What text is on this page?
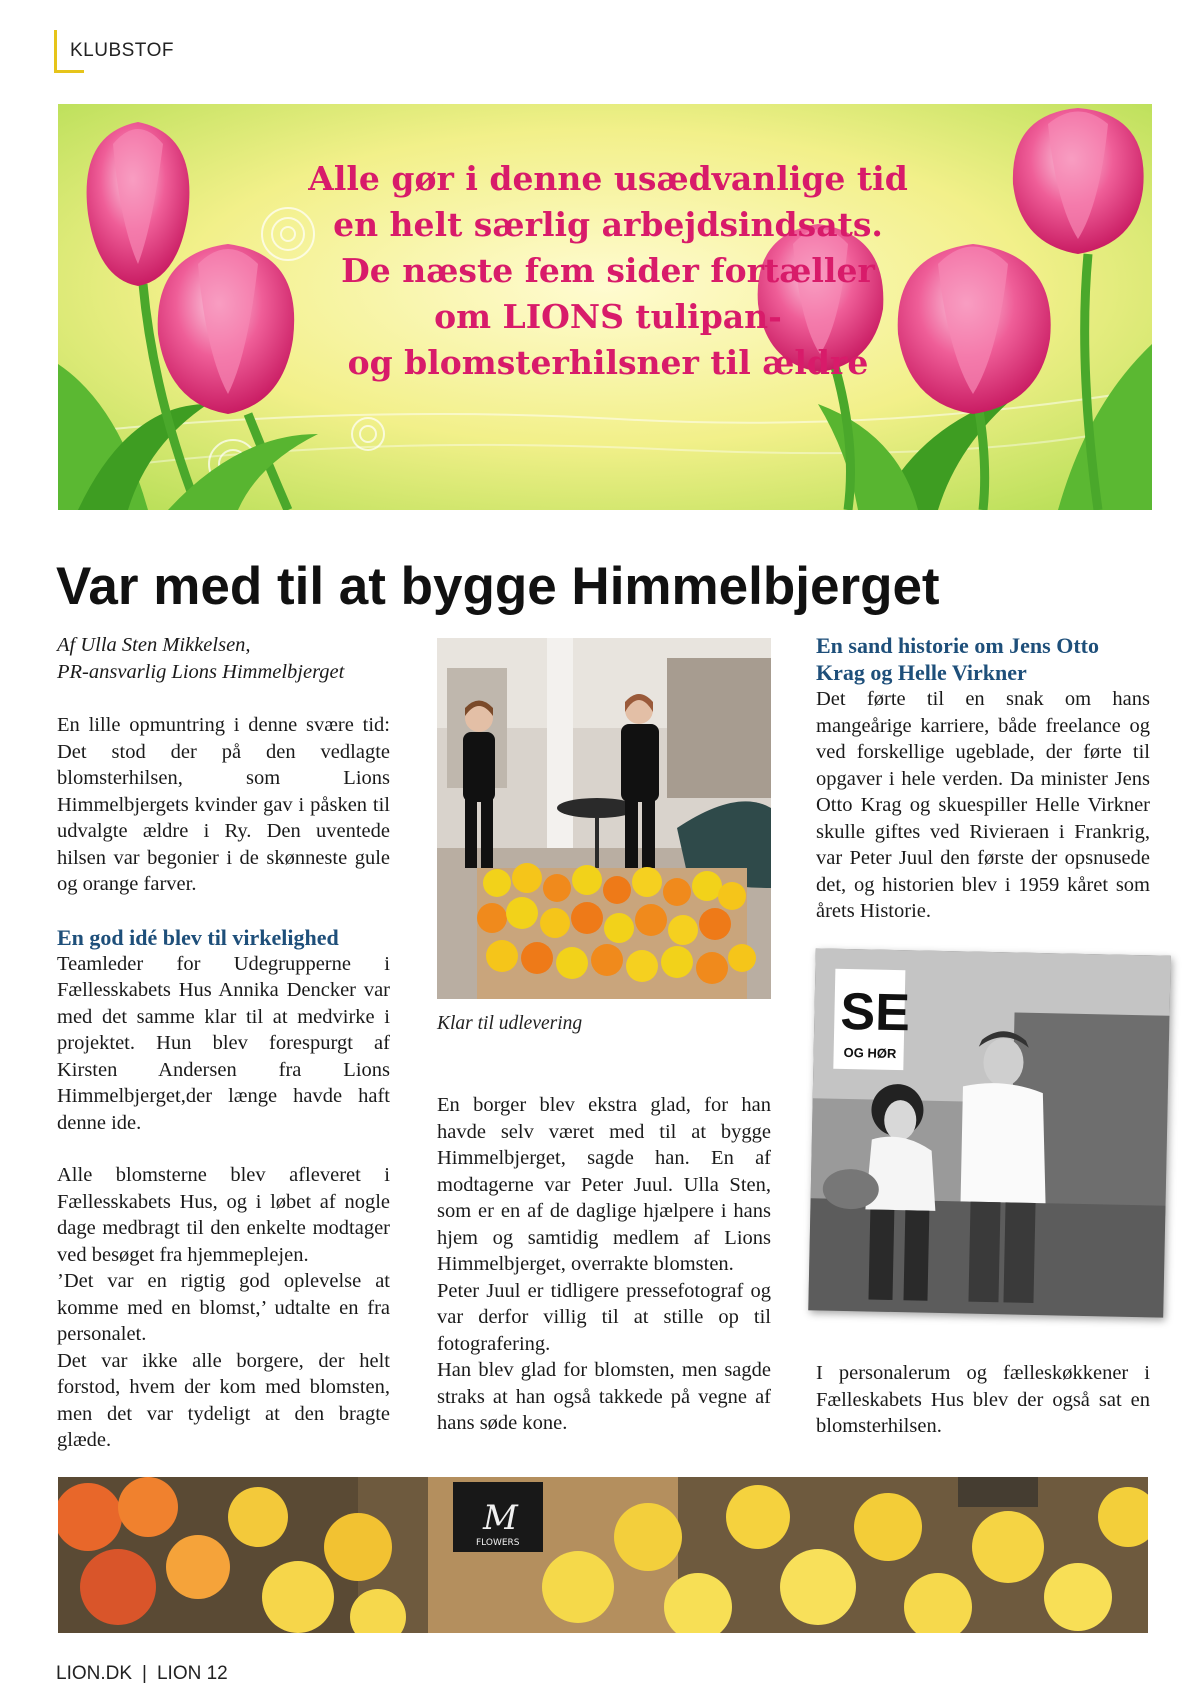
KLUBSTOF
Alle gør i denne usædvanlige tid
en helt særlig arbejdsindsats.
De næste fem sider fortæller
om LIONS tulipan-
og blomsterhilsner til ældre
Var med til at bygge Himmelbjerget

Af Ulla Sten Mikkelsen,
PR-ansvarlig Lions Himmelbjerget

En lille opmuntring i denne svære tid: Det stod der på den vedlagte blomsterhilsen, som Lions Himmelbjergets kvinder gav i påsken til udvalgte ældre i Ry. Den uventede hilsen var begonier i de skønneste gule og orange farver.

En god idé blev til virkelighed

Teamleder for Udegrupperne i Fællesskabets Hus Annika Dencker var med det samme klar til at medvirke i projektet. Hun blev forespurgt af Kirsten Andersen fra Lions Himmelbjerget,der længe havde haft denne ide.

Alle blomsterne blev afleveret i Fællesskabets Hus, og i løbet af nogle dage medbragt til den enkelte modtager ved besøget fra hjemmeplejen.

’Det var en rigtig god oplevelse at komme med en blomst,’ udtalte en fra personalet.

Det var ikke alle borgere, der helt forstod, hvem der kom med blomsten, men det var tydeligt at den bragte glæde.

Klar til udlevering

En borger blev ekstra glad, for han havde selv været med til at bygge Himmelbjerget, sagde han. En af modtagerne var Peter Juul. Ulla Sten, som er en af de daglige hjælpere i hans hjem og samtidig medlem af Lions Himmelbjerget, overrakte blomsten.

Peter Juul er tidligere pressefotograf og var derfor villig til at stille op til fotografering.

Han blev glad for blomsten, men sagde straks at han også takkede på vegne af hans søde kone.

En sand historie om Jens Otto Krag og Helle Virkner

Det førte til en snak om hans mangeårige karriere, både freelance og ved forskellige ugeblade, der førte til opgaver i hele verden. Da minister Jens Otto Krag og skuespiller Helle Virkner skulle giftes ved Rivieraen i Frankrig, var Peter Juul den første der opsnusede det, og historien blev i 1959 kåret som årets Historie.

SE
OG HØR

I personalerum og fælleskøkkener i Fælleskabets Hus blev der også sat en blomsterhilsen.

M
FLOWERS
LION.DK | LION 12
